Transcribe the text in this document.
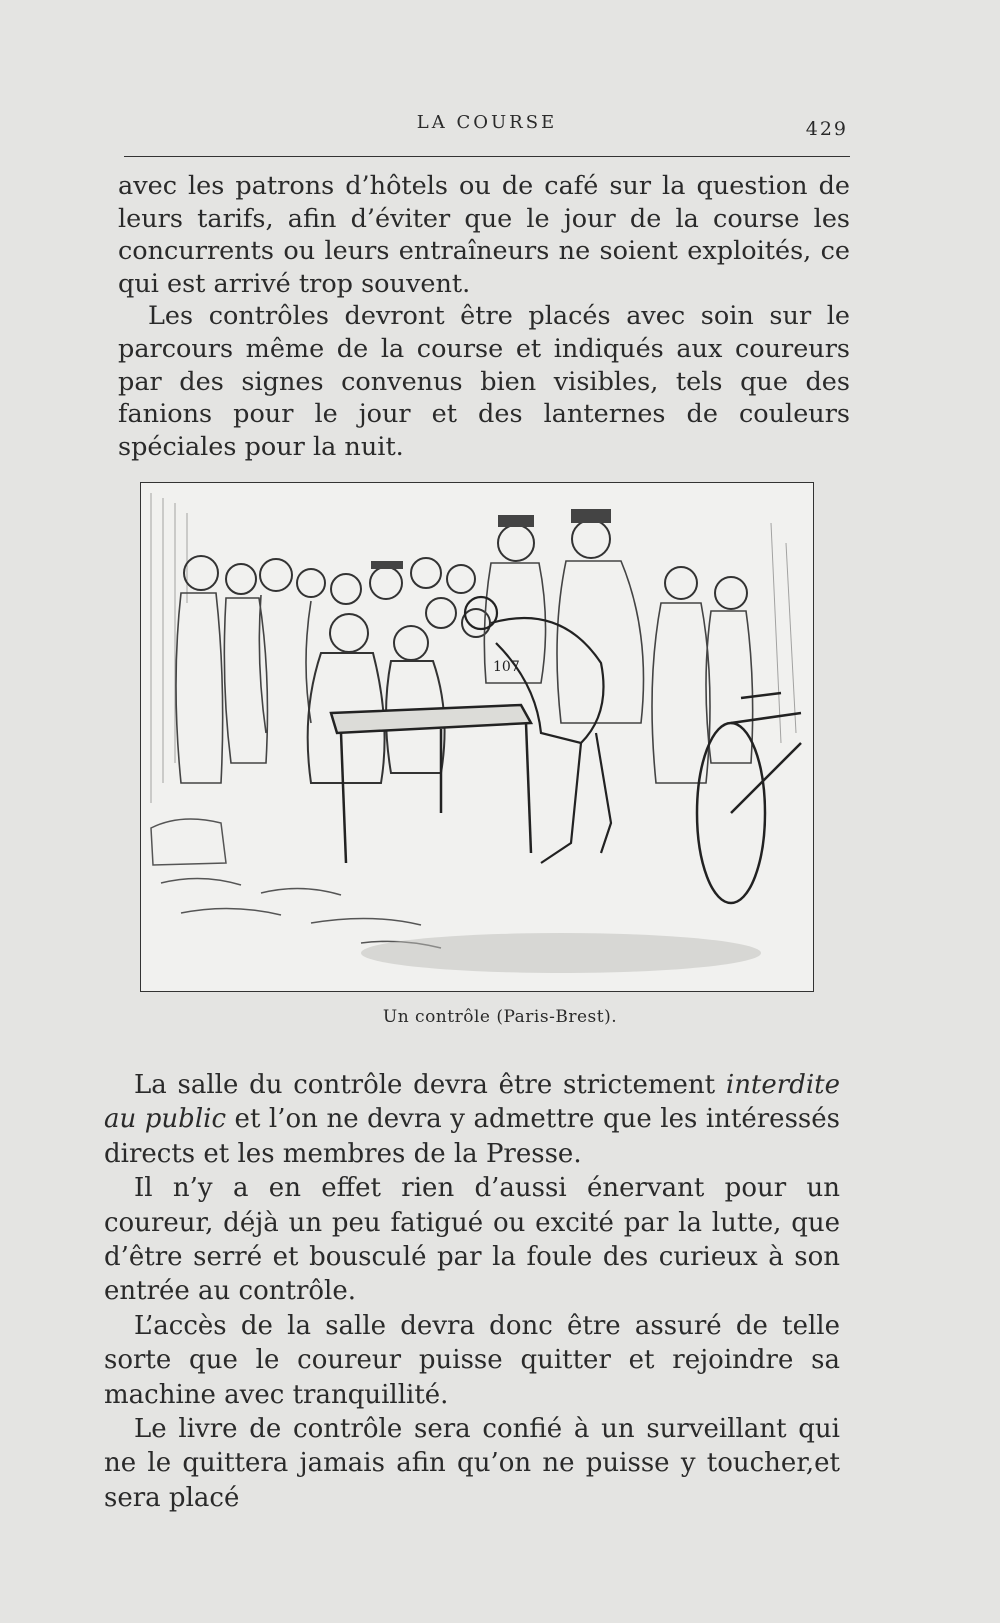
LA COURSE	429

avec les patrons d’hôtels ou de café sur la question de leurs tarifs, afin d’éviter que le jour de la course les concurrents ou leurs entraîneurs ne soient exploités, ce qui est arrivé trop souvent.

Les contrôles devront être placés avec soin sur le parcours même de la course et indiqués aux coureurs par des signes convenus bien visibles, tels que des fanions pour le jour et des lanternes de couleurs spéciales pour la nuit.

107
Un contrôle (Paris-Brest).

La salle du contrôle devra être strictement interdite au public et l’on ne devra y admettre que les intéressés directs et les membres de la Presse.

Il n’y a en effet rien d’aussi énervant pour un coureur, déjà un peu fatigué ou excité par la lutte, que d’être serré et bousculé par la foule des curieux à son entrée au contrôle.

L’accès de la salle devra donc être assuré de telle sorte que le coureur puisse quitter et rejoindre sa machine avec tranquillité.

Le livre de contrôle sera confié à un surveillant qui ne le quittera jamais afin qu’on ne puisse y toucher,et sera placé
